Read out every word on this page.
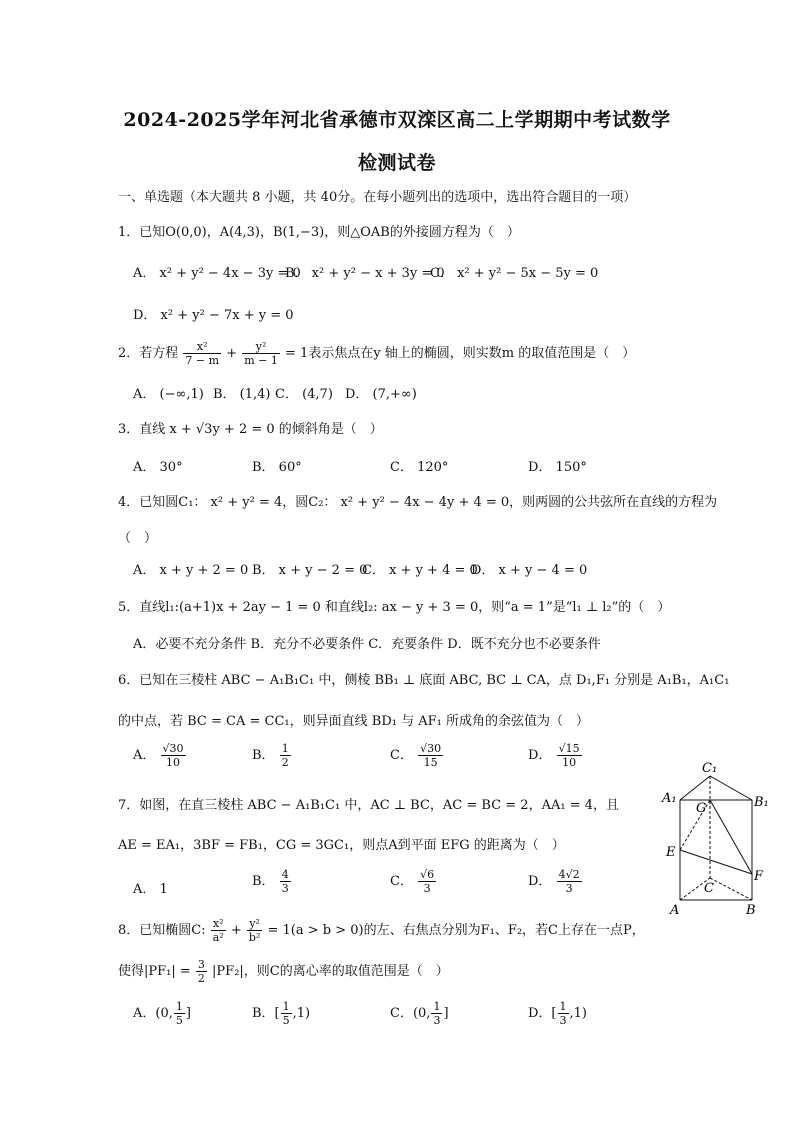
2024-2025学年河北省承德市双滦区高二上学期期中考试数学
检测试卷
一、单选题（本大题共 8 小题，共 40分。在每小题列出的选项中，选出符合题目的一项）
1．已知O(0,0)，A(4,3)，B(1,−3)，则△OAB的外接圆方程为（　）
A． x² + y² − 4x − 3y = 0
B． x² + y² − x + 3y = 0
C． x² + y² − 5x − 5y = 0
D． x² + y² − 7x + y = 0
2．若方程 $\frac{\text{x²}}{7 - m} + \frac{\text{y²}}{m - 1} = 1$表示焦点在y 轴上的椭圆，则实数m 的取值范围是（　）
A． (−∞,1) B． (1,4) C． (4,7) D． (7,+∞)
3．直线 x + √3y + 2 = 0 的倾斜角是（　）
A． 30°	B． 60°	C． 120°	D． 150°
4．已知圆C₁： x² + y² = 4，圆C₂： x² + y² − 4x − 4y + 4 = 0，则两圆的公共弦所在直线的方程为
（　）
A． x + y + 2 = 0 B． x + y − 2 = 0
C． x + y + 4 = 0
D． x + y − 4 = 0
5．直线l₁:(a+1)x + 2ay − 1 = 0 和直线l₂: ax − y + 3 = 0，则“a = 1”是“l₁ ⊥ l₂”的（　）
A．必要不充分条件 B．充分不必要条件 C．充要条件 D．既不充分也不必要条件
6．已知在三棱柱 ABC − A₁B₁C₁ 中，侧棱 BB₁ ⊥ 底面 ABC, BC ⊥ CA，点 D₁,F₁ 分别是 A₁B₁，A₁C₁
的中点，若 BC = CA = CC₁，则异面直线 BD₁ 与 AF₁ 所成角的余弦值为（　）
A． $\frac{√30}{10}$	B． $\frac{1}{2}$	C． $\frac{√30}{15}$	D． $\frac{√15}{10}$
7．如图，在直三棱柱 ABC − A₁B₁C₁ 中，AC ⊥ BC，AC = BC = 2，AA₁ = 4，且
AE = EA₁，3BF = FB₁，CG = 3GC₁，则点A到平面 EFG 的距离为（　）
A． 1
B． $\frac{4}{3}$	C． $\frac{√6}{3}$	D． $\frac{4√2}{3}$
8．已知椭圆C: $\frac{\text{x²}}{\text{a²}} + \frac{\text{y²}}{\text{b²}} = 1(a > b > 0)$的左、右焦点分别为F₁、F₂，若C上存在一点P，
使得$|PF_1| = \frac{3}{2} |PF_2|$，则C的离心率的取值范围是（　）
A．(0, $\frac{1}{5}$ ]	B．[ $\frac{1}{5} ,1$)	C．(0, $\frac{1}{3}$ ]	D．[ $\frac{1}{3} ,1$)
C₁
A₁	B₁
G
E
F
C
A	B
